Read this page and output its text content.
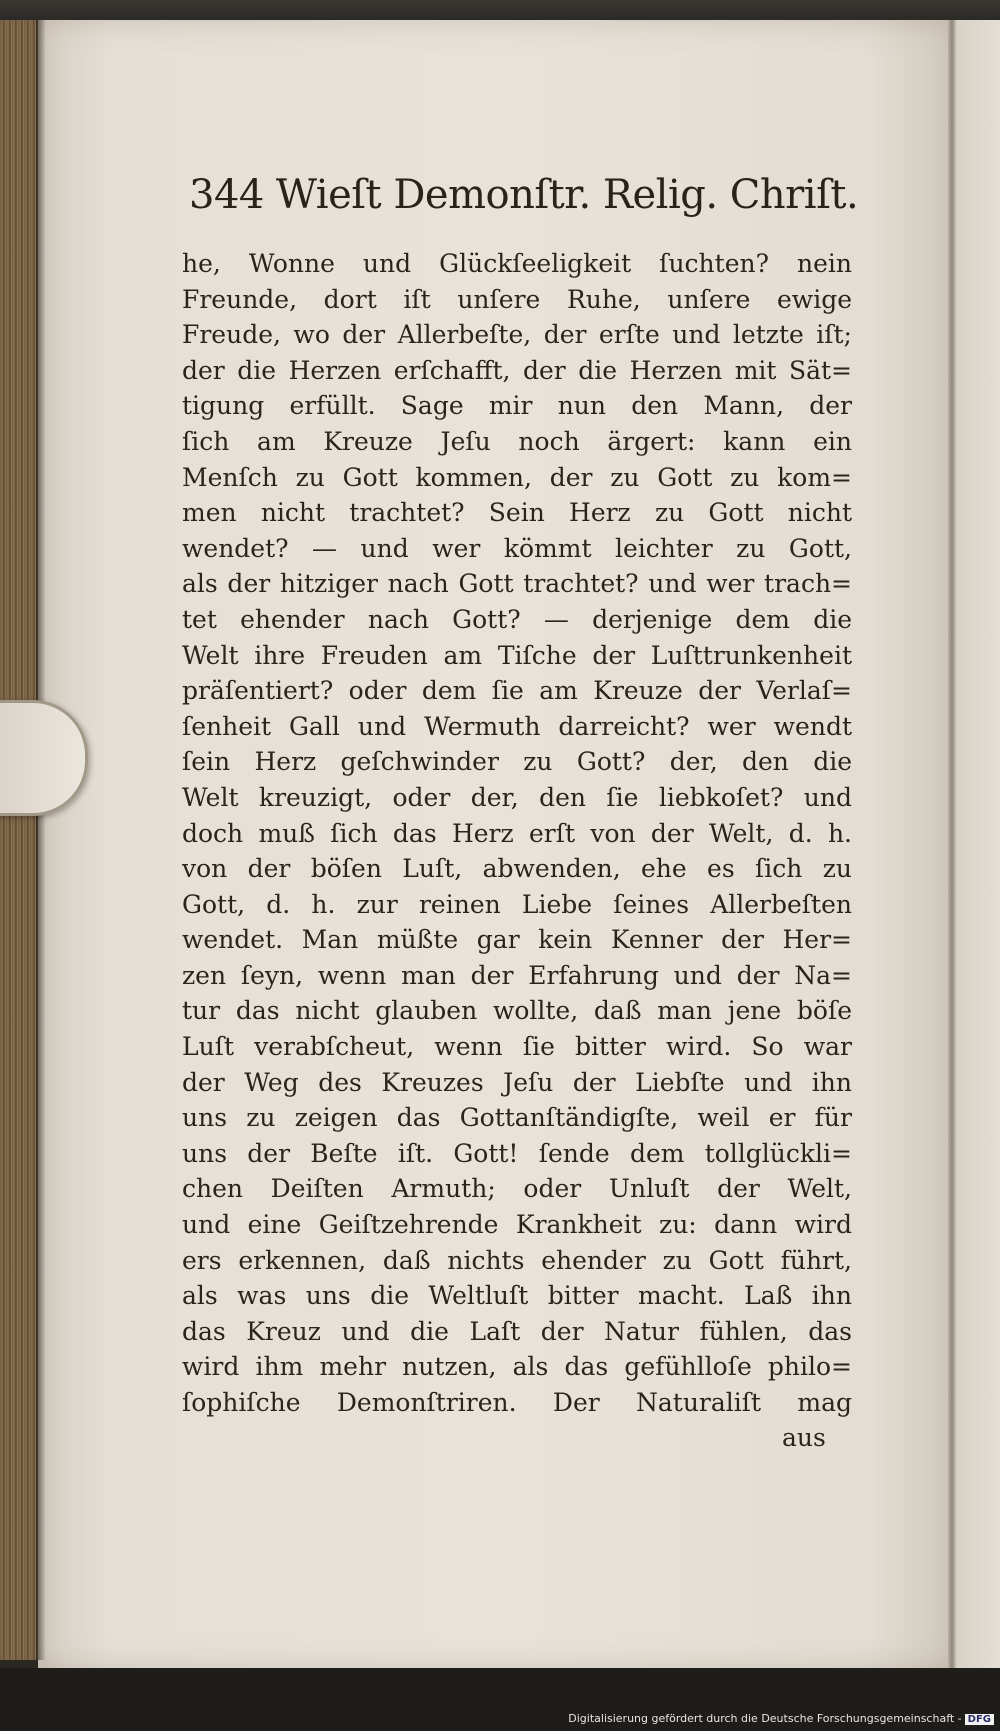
344 Wieſt Demonſtr. Relig. Chriſt.
he, Wonne und Glückſeeligkeit ſuchten? nein
Freunde, dort iſt unſere Ruhe, unſere ewige
Freude, wo der Allerbeſte, der erſte und letzte iſt;
der die Herzen erſchafft, der die Herzen mit Sät=
tigung erfüllt. Sage mir nun den Mann, der
ſich am Kreuze Jeſu noch ärgert: kann ein
Menſch zu Gott kommen, der zu Gott zu kom=
men nicht trachtet? Sein Herz zu Gott nicht
wendet? — und wer kömmt leichter zu Gott,
als der hitziger nach Gott trachtet? und wer trach=
tet ehender nach Gott? — derjenige dem die
Welt ihre Freuden am Tiſche der Luſttrunkenheit
präſentiert? oder dem ſie am Kreuze der Verlaſ=
ſenheit Gall und Wermuth darreicht? wer wendt
ſein Herz geſchwinder zu Gott? der, den die
Welt kreuzigt, oder der, den ſie liebkoſet? und
doch muß ſich das Herz erſt von der Welt, d. h.
von der böſen Luſt, abwenden, ehe es ſich zu
Gott, d. h. zur reinen Liebe ſeines Allerbeſten
wendet. Man müßte gar kein Kenner der Her=
zen ſeyn, wenn man der Erfahrung und der Na=
tur das nicht glauben wollte, daß man jene böſe
Luſt verabſcheut, wenn ſie bitter wird. So war
der Weg des Kreuzes Jeſu der Liebſte und ihn
uns zu zeigen das Gottanſtändigſte, weil er für
uns der Beſte iſt. Gott! ſende dem tollglückli=
chen Deiſten Armuth; oder Unluſt der Welt,
und eine Geiſtzehrende Krankheit zu: dann wird
ers erkennen, daß nichts ehender zu Gott führt,
als was uns die Weltluſt bitter macht. Laß ihn
das Kreuz und die Laſt der Natur fühlen, das
wird ihm mehr nutzen, als das gefühlloſe philo=
ſophiſche Demonſtriren. Der Naturaliſt mag
aus
Digitalisierung gefördert durch die Deutsche Forschungsgemeinschaft - DFG
